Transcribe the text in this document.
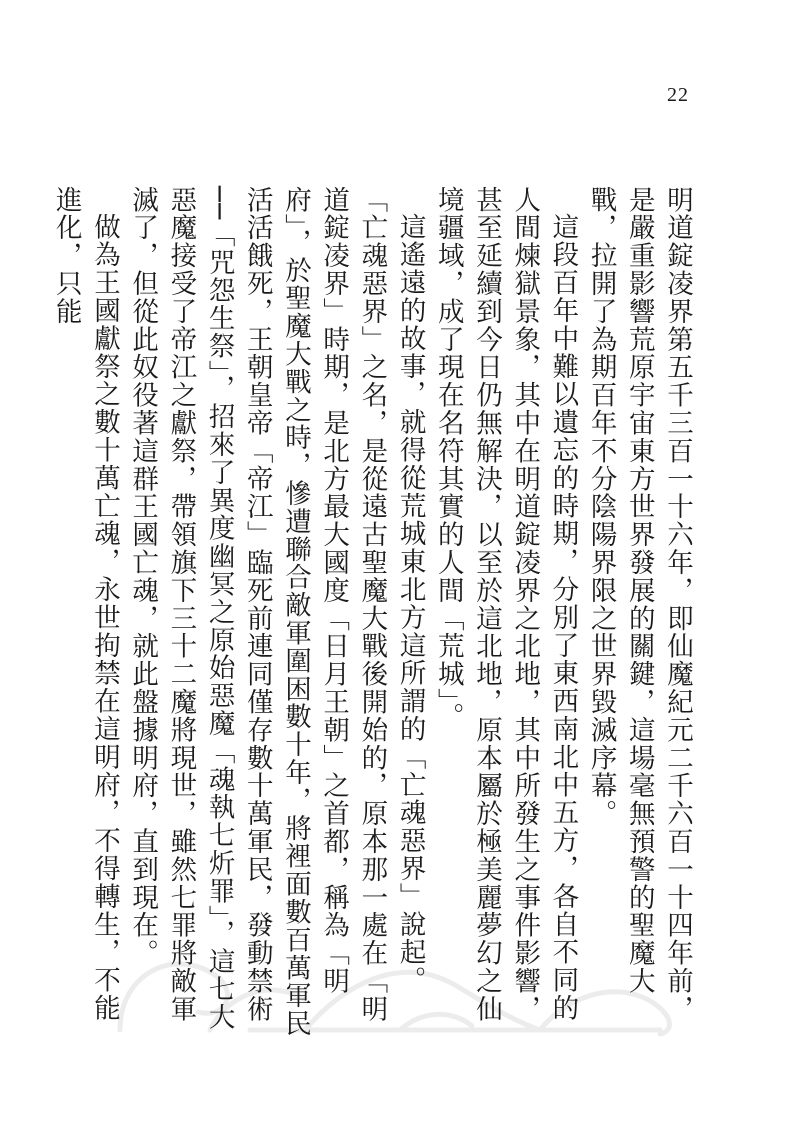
22

明道錠凌界第五千三百一十六年，即仙魔紀元二千六百一十四年前，是嚴重影響荒原宇宙東方世界發展的關鍵，這場毫無預警的聖魔大戰，拉開了為期百年不分陰陽界限之世界毀滅序幕。

這段百年中難以遺忘的時期，分別了東西南北中五方，各自不同的人間煉獄景象，其中在明道錠凌界之北地，其中所發生之事件影響，甚至延續到今日仍無解決，以至於這北地，原本屬於極美麗夢幻之仙境疆域，成了現在名符其實的人間「荒城」。

這遙遠的故事，就得從荒城東北方這所謂的「亡魂惡界」說起。

「亡魂惡界」之名，是從遠古聖魔大戰後開始的，原本那一處在「明道錠凌界」時期，是北方最大國度「日月王朝」之首都，稱為「明府」，於聖魔大戰之時，慘遭聯合敵軍圍困數十年，將裡面數百萬軍民活活餓死，王朝皇帝「帝江」臨死前連同僅存數十萬軍民，發動禁術──「咒怨生祭」，招來了異度幽冥之原始惡魔「魂執七炘罪」，這七大惡魔接受了帝江之獻祭，帶領旗下三十二魔將現世，雖然七罪將敵軍滅了，但從此奴役著這群王國亡魂，就此盤據明府，直到現在。

做為王國獻祭之數十萬亡魂，永世拘禁在這明府，不得轉生，不能進化，只能
